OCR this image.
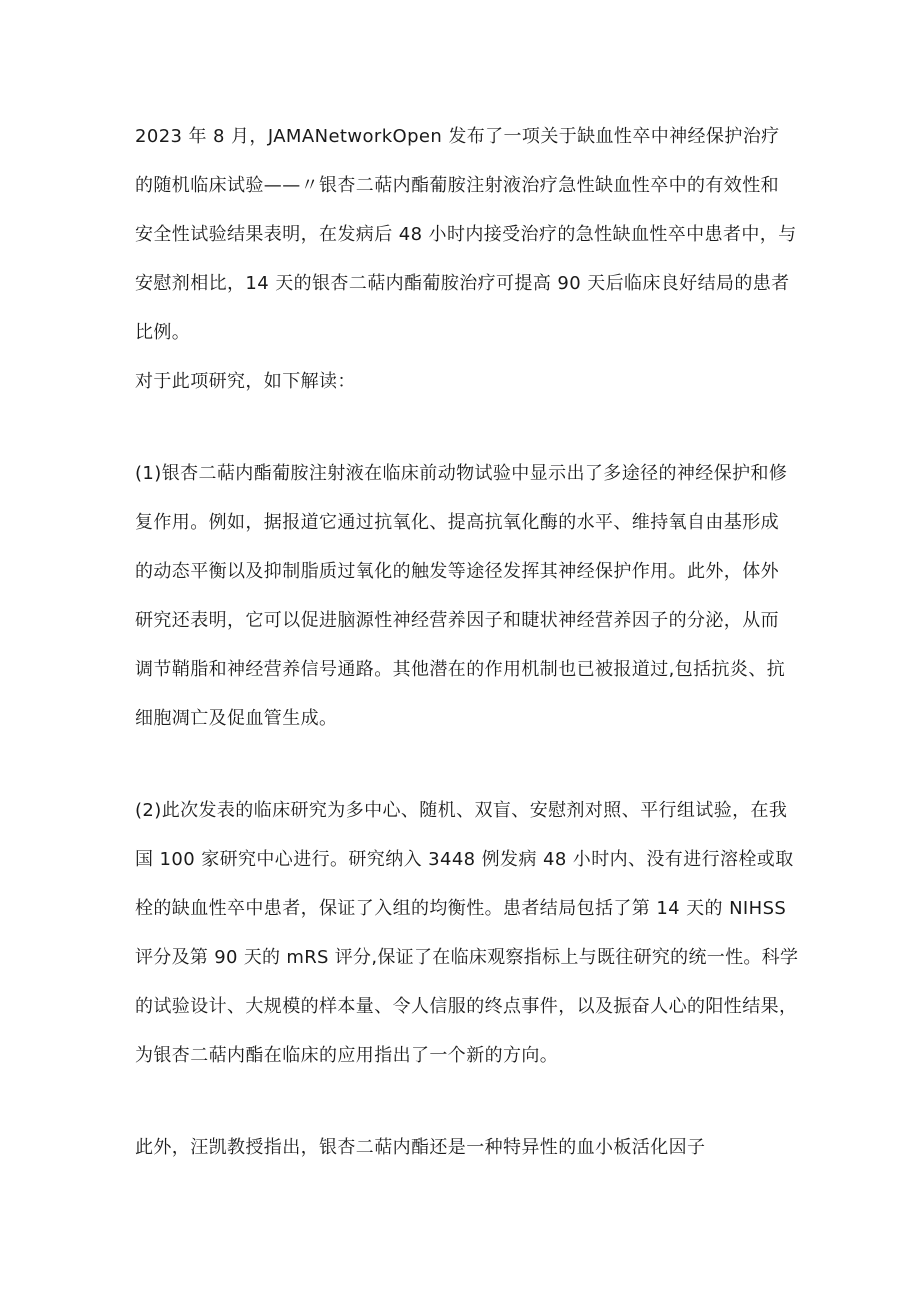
2023 年 8 月，JAMANetworkOpen 发布了一项关于缺血性卒中神经保护治疗
的随机临床试验——〃银杏二萜内酯葡胺注射液治疗急性缺血性卒中的有效性和
安全性试验结果表明，在发病后 48 小时内接受治疗的急性缺血性卒中患者中，与
安慰剂相比，14 天的银杏二萜内酯葡胺治疗可提高 90 天后临床良好结局的患者
比例。
对于此项研究，如下解读：
(1)银杏二萜内酯葡胺注射液在临床前动物试验中显示出了多途径的神经保护和修
复作用。例如，据报道它通过抗氧化、提高抗氧化酶的水平、维持氧自由基形成
的动态平衡以及抑制脂质过氧化的触发等途径发挥其神经保护作用。此外，体外
研究还表明，它可以促进脑源性神经营养因子和睫状神经营养因子的分泌，从而
调节鞘脂和神经营养信号通路。其他潜在的作用机制也已被报道过,包括抗炎、抗
细胞凋亡及促血管生成。
(2)此次发表的临床研究为多中心、随机、双盲、安慰剂对照、平行组试验，在我
国 100 家研究中心进行。研究纳入 3448 例发病 48 小时内、没有进行溶栓或取
栓的缺血性卒中患者，保证了入组的均衡性。患者结局包括了第 14 天的 NIHSS
评分及第 90 天的 mRS 评分,保证了在临床观察指标上与既往研究的统一性。科学
的试验设计、大规模的样本量、令人信服的终点事件，以及振奋人心的阳性结果，
为银杏二萜内酯在临床的应用指出了一个新的方向。
此外，汪凯教授指出，银杏二萜内酯还是一种特异性的血小板活化因子
